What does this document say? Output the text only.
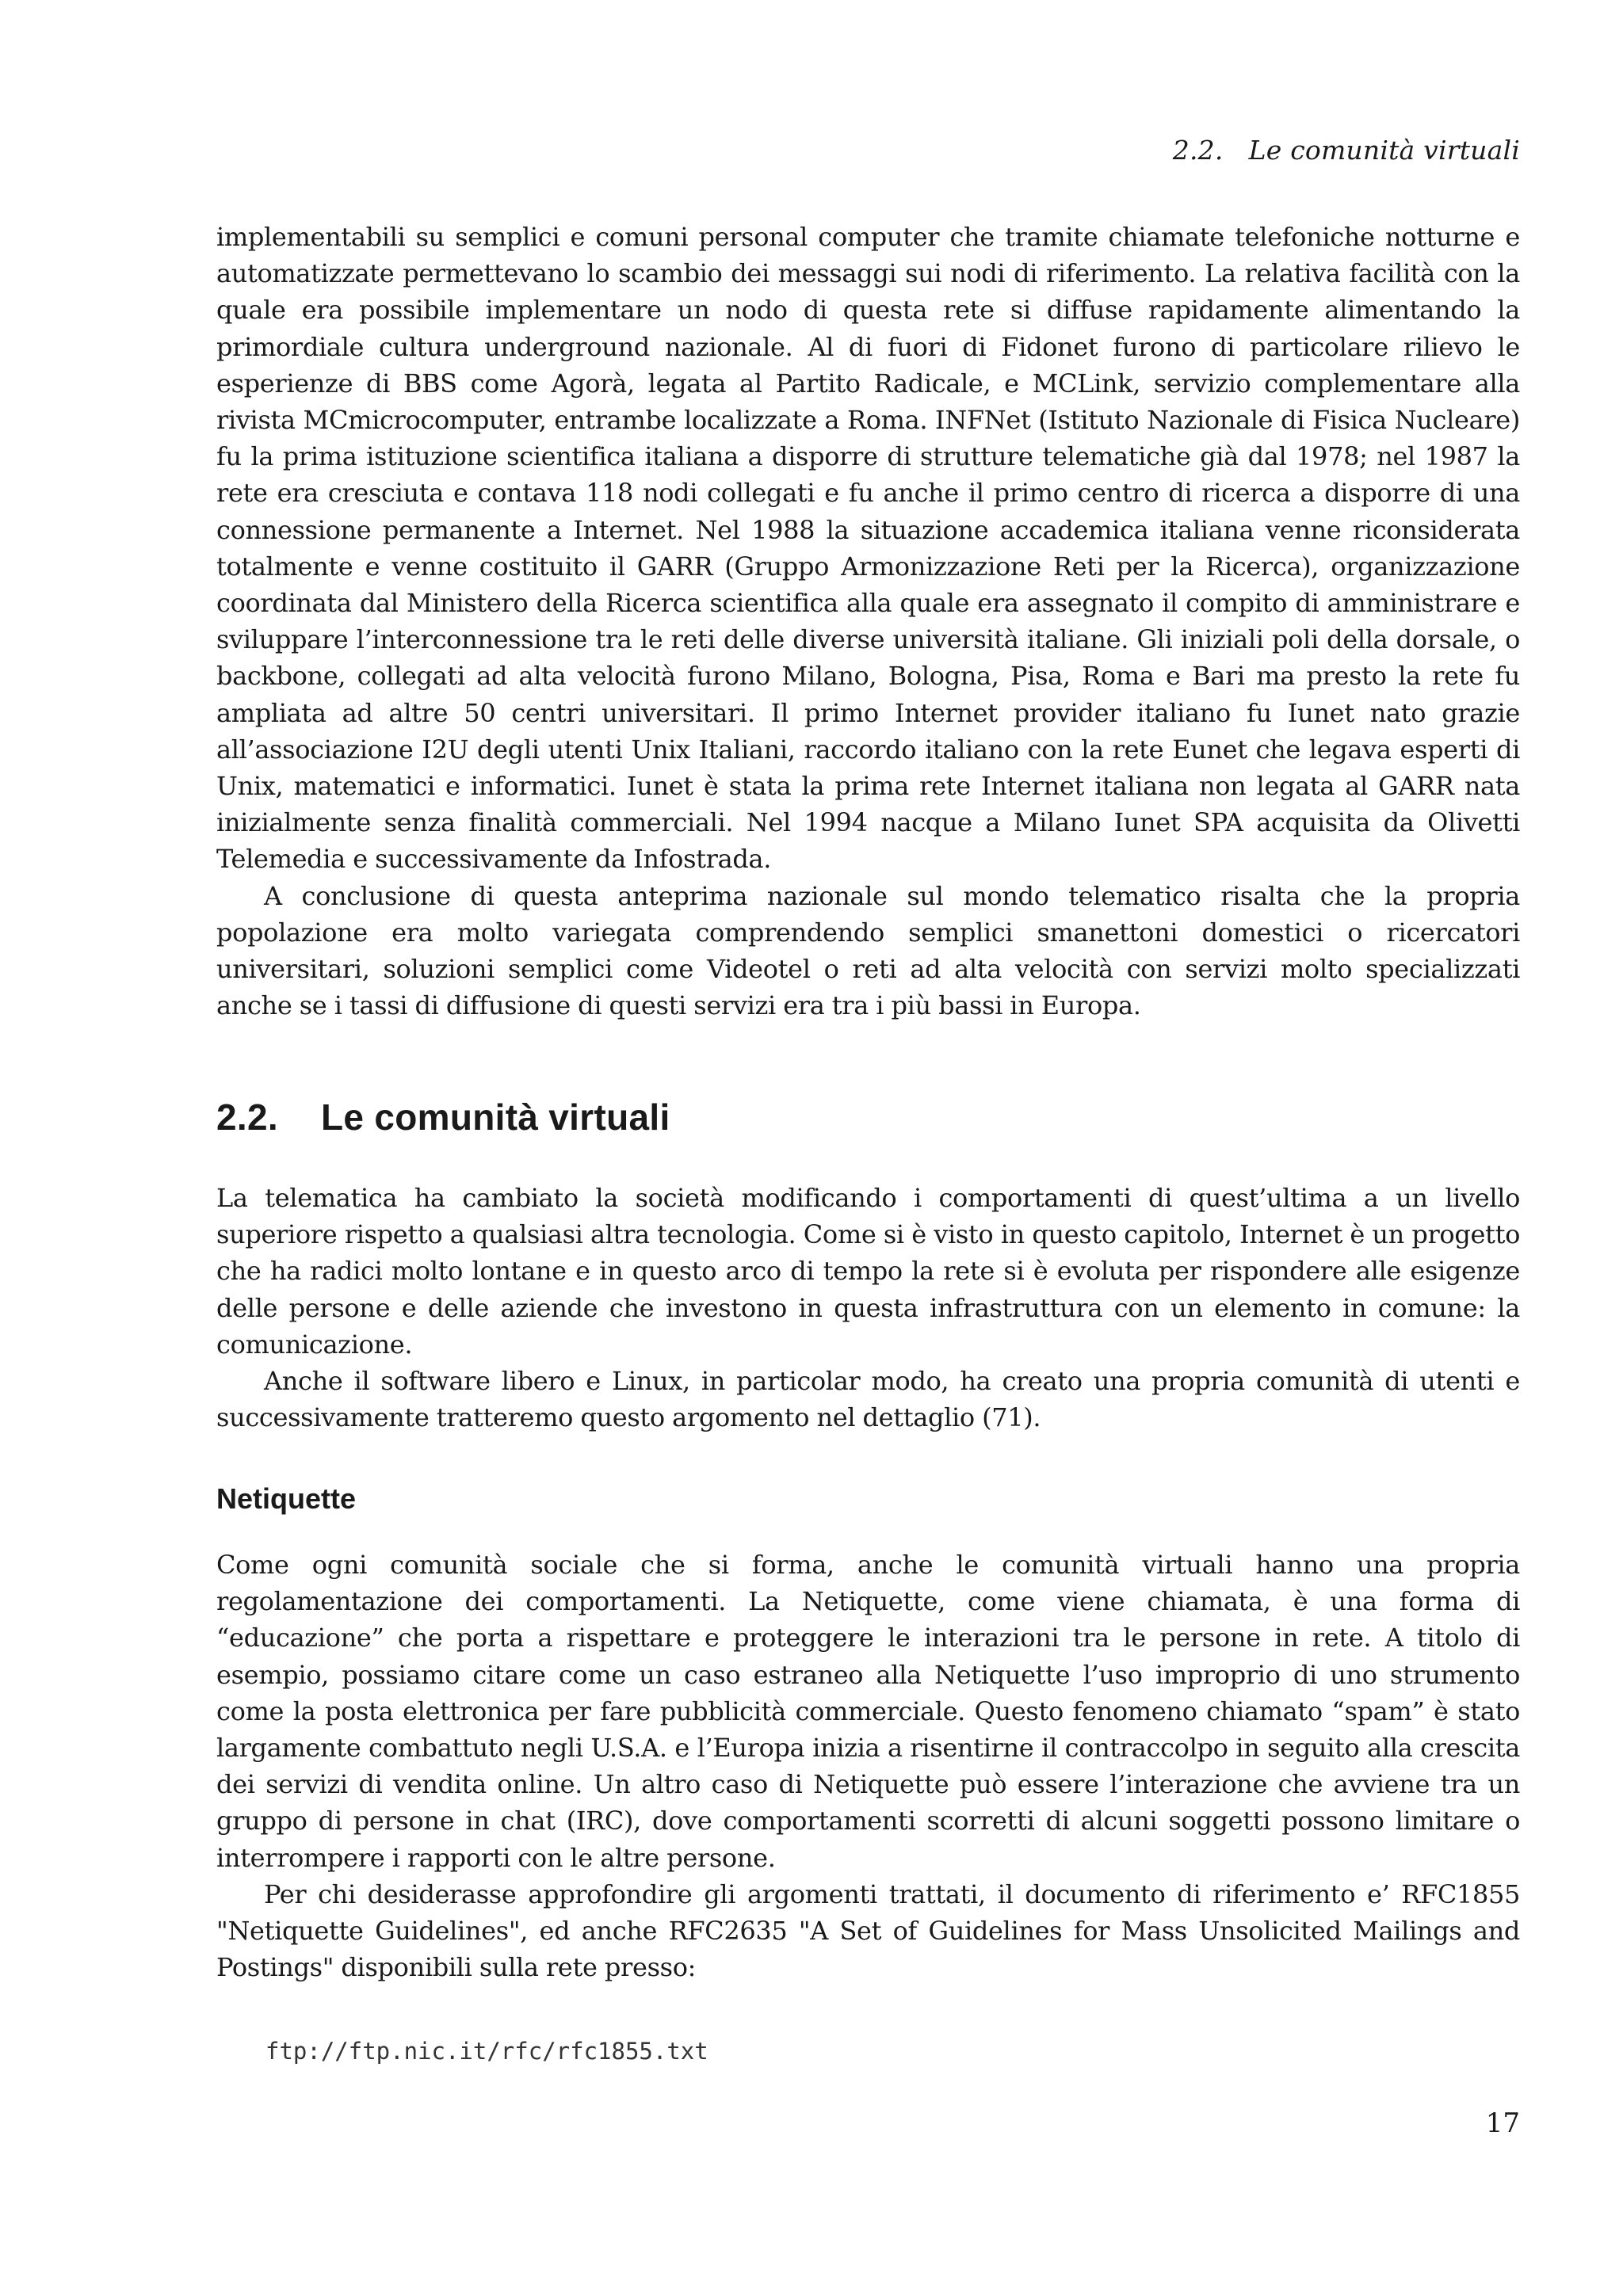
2.2. Le comunità virtuali

implementabili su semplici e comuni personal computer che tramite chiamate telefoniche notturne e automatizzate permettevano lo scambio dei messaggi sui nodi di riferimento. La relativa facilità con la quale era possibile implementare un nodo di questa rete si diffuse rapidamente alimentando la primordiale cultura underground nazionale. Al di fuori di Fidonet furono di particolare rilievo le esperienze di BBS come Agorà, legata al Partito Radicale, e MCLink, servizio complementare alla rivista MCmicrocomputer, entrambe localizzate a Roma. INFNet (Istituto Nazionale di Fisica Nucleare) fu la prima istituzione scientifica italiana a disporre di strutture telematiche già dal 1978; nel 1987 la rete era cresciuta e contava 118 nodi collegati e fu anche il primo centro di ricerca a disporre di una connessione permanente a Internet. Nel 1988 la situazione accademica italiana venne riconsiderata totalmente e venne costituito il GARR (Gruppo Armonizzazione Reti per la Ricerca), organizzazione coordinata dal Ministero della Ricerca scientifica alla quale era assegnato il compito di amministrare e sviluppare l’interconnessione tra le reti delle diverse università italiane. Gli iniziali poli della dorsale, o backbone, collegati ad alta velocità furono Milano, Bologna, Pisa, Roma e Bari ma presto la rete fu ampliata ad altre 50 centri universitari. Il primo Internet provider italiano fu Iunet nato grazie all’associazione I2U degli utenti Unix Italiani, raccordo italiano con la rete Eunet che legava esperti di Unix, matematici e informatici. Iunet è stata la prima rete Internet italiana non legata al GARR nata inizialmente senza finalità commerciali. Nel 1994 nacque a Milano Iunet SPA acquisita da Olivetti Telemedia e successivamente da Infostrada.

A conclusione di questa anteprima nazionale sul mondo telematico risalta che la propria popolazione era molto variegata comprendendo semplici smanettoni domestici o ricercatori universitari, soluzioni semplici come Videotel o reti ad alta velocità con servizi molto specializzati anche se i tassi di diffusione di questi servizi era tra i più bassi in Europa.

2.2. Le comunità virtuali

La telematica ha cambiato la società modificando i comportamenti di quest’ultima a un livello superiore rispetto a qualsiasi altra tecnologia. Come si è visto in questo capitolo, Internet è un progetto che ha radici molto lontane e in questo arco di tempo la rete si è evoluta per rispondere alle esigenze delle persone e delle aziende che investono in questa infrastruttura con un elemento in comune: la comunicazione.

Anche il software libero e Linux, in particolar modo, ha creato una propria comunità di utenti e successivamente tratteremo questo argomento nel dettaglio (71).

Netiquette

Come ogni comunità sociale che si forma, anche le comunità virtuali hanno una propria regolamentazione dei comportamenti. La Netiquette, come viene chiamata, è una forma di “educazione” che porta a rispettare e proteggere le interazioni tra le persone in rete. A titolo di esempio, possiamo citare come un caso estraneo alla Netiquette l’uso improprio di uno strumento come la posta elettronica per fare pubblicità commerciale. Questo fenomeno chiamato “spam” è stato largamente combattuto negli U.S.A. e l’Europa inizia a risentirne il contraccolpo in seguito alla crescita dei servizi di vendita online. Un altro caso di Netiquette può essere l’interazione che avviene tra un gruppo di persone in chat (IRC), dove comportamenti scorretti di alcuni soggetti possono limitare o interrompere i rapporti con le altre persone.

Per chi desiderasse approfondire gli argomenti trattati, il documento di riferimento e’ RFC1855 "Netiquette Guidelines", ed anche RFC2635 "A Set of Guidelines for Mass Unsolicited Mailings and Postings" disponibili sulla rete presso:

ftp://ftp.nic.it/rfc/rfc1855.txt
17
